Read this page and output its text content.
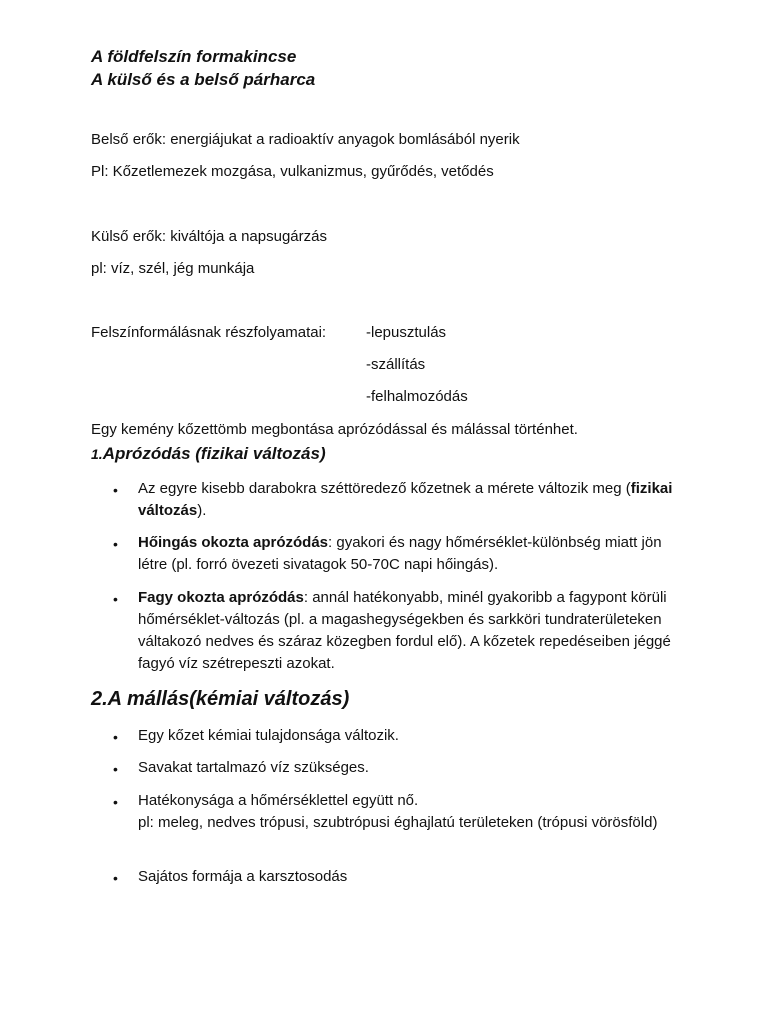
A földfelszín formakincse
A külső és a belső párharca

Belső erők: energiájukat a radioaktív anyagok bomlásából nyerik

Pl: Kőzetlemezek mozgása, vulkanizmus, gyűrődés, vetődés

Külső erők: kiváltója a napsugárzás

pl: víz, szél, jég munkája

Felszínformálásnak részfolyamatai:	-lepusztulás
-szállítás
-felhalmozódás

Egy kemény kőzettömb megbontása aprózódással és málással történhet.

1.Aprózódás (fizikai változás)
• Az egyre kisebb darabokra széttöredező kőzetnek a mérete változik meg (fizikai változás).

• Hőingás okozta aprózódás: gyakori és nagy hőmérséklet-különbség miatt jön létre (pl. forró övezeti sivatagok 50-70C napi hőingás).

• Fagy okozta aprózódás: annál hatékonyabb, minél gyakoribb a fagypont körüli hőmérséklet-változás (pl. a magashegységekben és sarkköri tundraterületeken váltakozó nedves és száraz közegben fordul elő). A kőzetek repedéseiben jéggé fagyó víz szétrepeszti azokat.

2.A mállás(kémiai változás)
• Egy kőzet kémiai tulajdonsága változik.

• Savakat tartalmazó víz szükséges.

• Hatékonysága a hőmérséklettel együtt nő.

pl: meleg, nedves trópusi, szubtrópusi éghajlatú területeken (trópusi vörösföld)

• Sajátos formája a karsztosodás
